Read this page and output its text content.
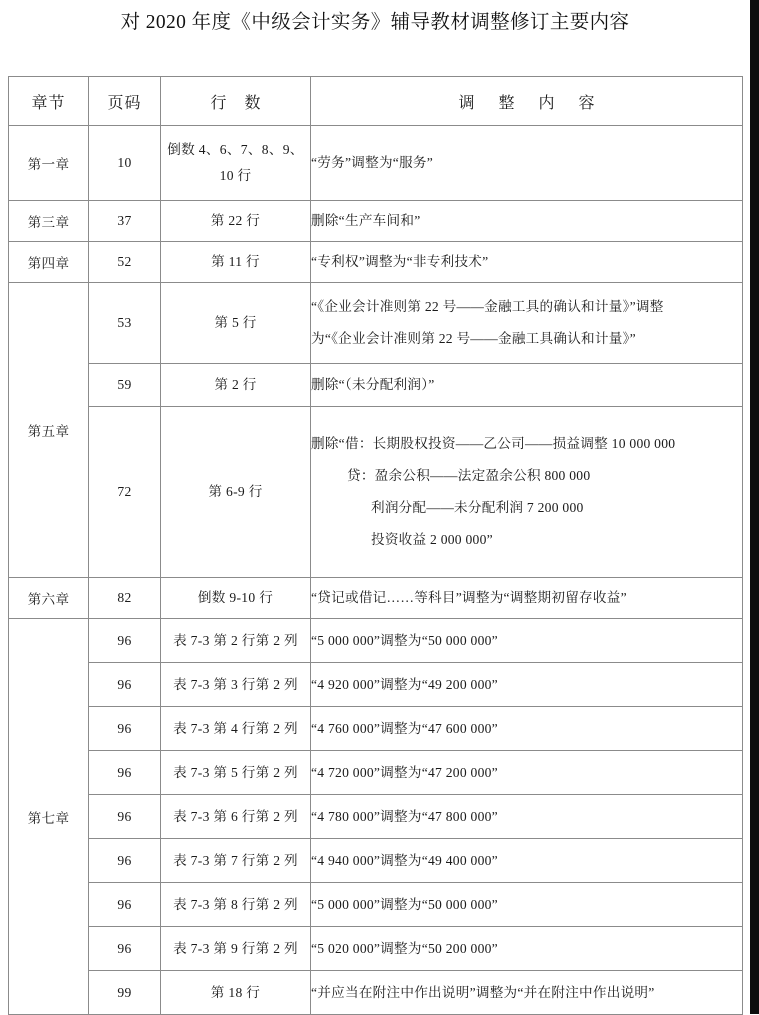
对 2020 年度《中级会计实务》辅导教材调整修订主要内容
章节	页码	行 数	调 整 内 容
第一章	10	倒数 4、6、7、8、9、10 行	“劳务”调整为“服务”

第三章	37	第 22 行	删除“生产车间和”

第四章	52	第 11 行	“专利权”调整为“非专利技术”

第五章	53	第 5 行	“《企业会计准则第 22 号——金融工具的确认和计量》”调整
为“《企业会计准则第 22 号——金融工具确认和计量》”

	59	第 2 行	删除“（未分配利润）”

	72	第 6-9 行	删除“借：长期股权投资——乙公司——损益调整 10 000 000
贷：盈余公积——法定盈余公积 800 000
利润分配——未分配利润 7 200 000
投资收益 2 000 000”

第六章	82	倒数 9-10 行	“贷记或借记……等科目”调整为“调整期初留存收益”

第七章	96	表 7-3 第 2 行第 2 列	“5 000 000”调整为“50 000 000”

	96	表 7-3 第 3 行第 2 列	“4 920 000”调整为“49 200 000”

	96	表 7-3 第 4 行第 2 列	“4 760 000”调整为“47 600 000”

	96	表 7-3 第 5 行第 2 列	“4 720 000”调整为“47 200 000”

	96	表 7-3 第 6 行第 2 列	“4 780 000”调整为“47 800 000”

	96	表 7-3 第 7 行第 2 列	“4 940 000”调整为“49 400 000”

	96	表 7-3 第 8 行第 2 列	“5 000 000”调整为“50 000 000”

	96	表 7-3 第 9 行第 2 列	“5 020 000”调整为“50 200 000”

	99	第 18 行	“并应当在附注中作出说明”调整为“并在附注中作出说明”
